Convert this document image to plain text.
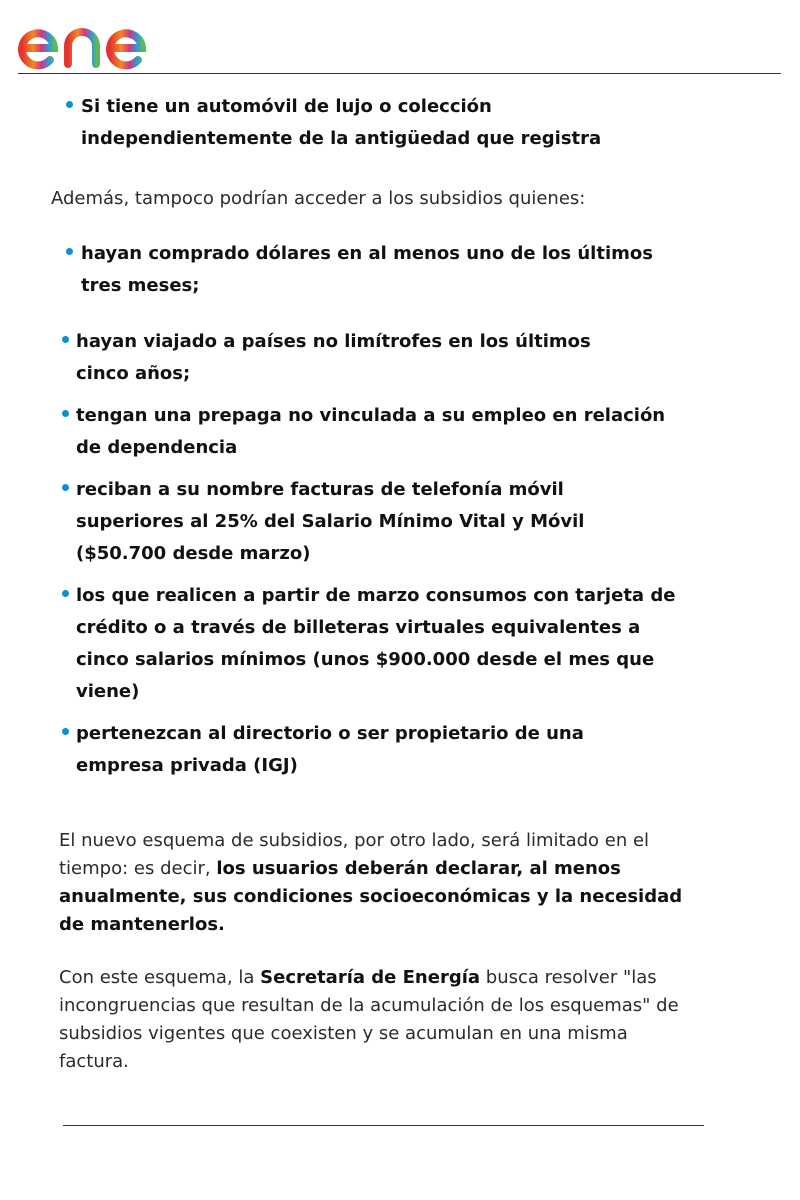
Si tiene un automóvil de lujo o colección independientemente de la antigüedad que registra

Además, tampoco podrían acceder a los subsidios quienes:

hayan comprado dólares en al menos uno de los últimos tres meses;
hayan viajado a países no limítrofes en los últimos cinco años;
tengan una prepaga no vinculada a su empleo en relación de dependencia
reciban a su nombre facturas de telefonía móvil superiores al 25% del Salario Mínimo Vital y Móvil ($50.700 desde marzo)
los que realicen a partir de marzo consumos con tarjeta de crédito o a través de billeteras virtuales equivalentes a cinco salarios mínimos (unos $900.000 desde el mes que viene)
pertenezcan al directorio o ser propietario de una empresa privada (IGJ)

El nuevo esquema de subsidios, por otro lado, será limitado en el tiempo: es decir, los usuarios deberán declarar, al menos anualmente, sus condiciones socioeconómicas y la necesidad de mantenerlos.

Con este esquema, la Secretaría de Energía busca resolver "las incongruencias que resultan de la acumulación de los esquemas" de subsidios vigentes que coexisten y se acumulan en una misma factura.
